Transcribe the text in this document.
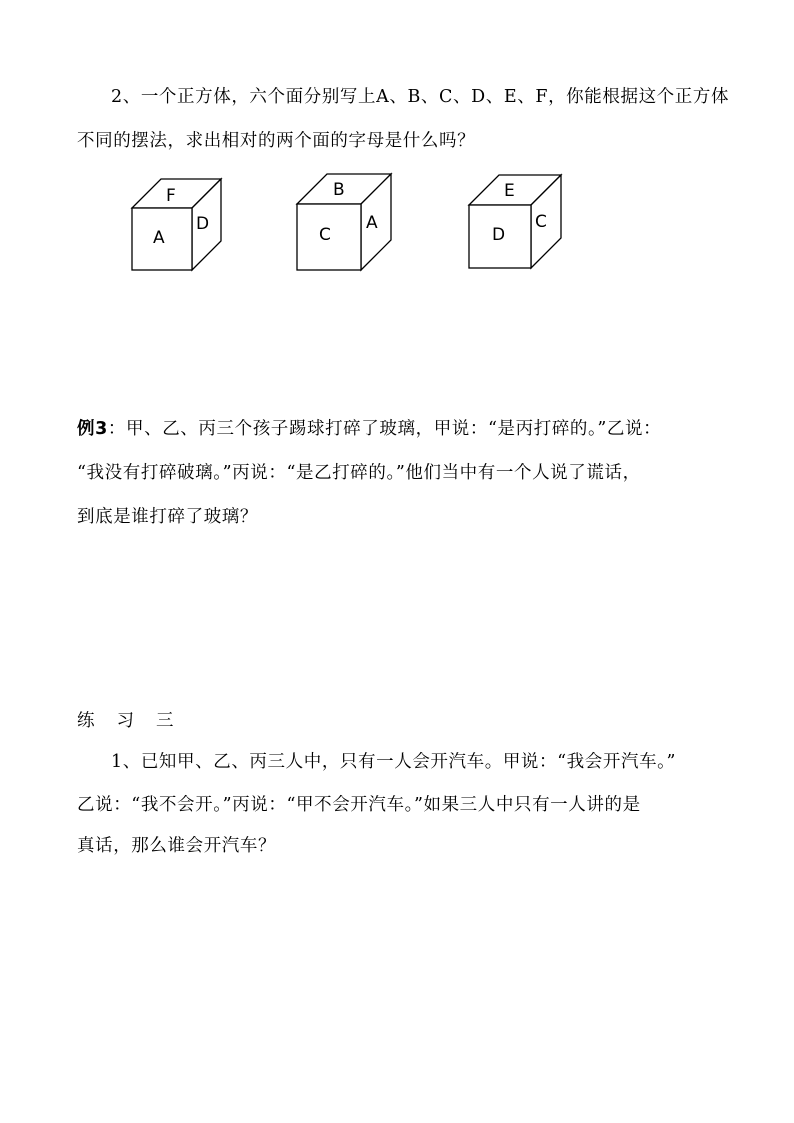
2、一个正方体，六个面分别写上A、B、C、D、E、F，你能根据这个正方体
不同的摆法，求出相对的两个面的字母是什么吗？
F
A
D
B
C
A
E
D
C
例3：甲、乙、丙三个孩子踢球打碎了玻璃，甲说：“是丙打碎的。”乙说：
“我没有打碎破璃。”丙说：“是乙打碎的。”他们当中有一个人说了谎话，
到底是谁打碎了玻璃？
练 习 三
1、已知甲、乙、丙三人中，只有一人会开汽车。甲说：“我会开汽车。”
乙说：“我不会开。”丙说：“甲不会开汽车。”如果三人中只有一人讲的是
真话，那么谁会开汽车？
